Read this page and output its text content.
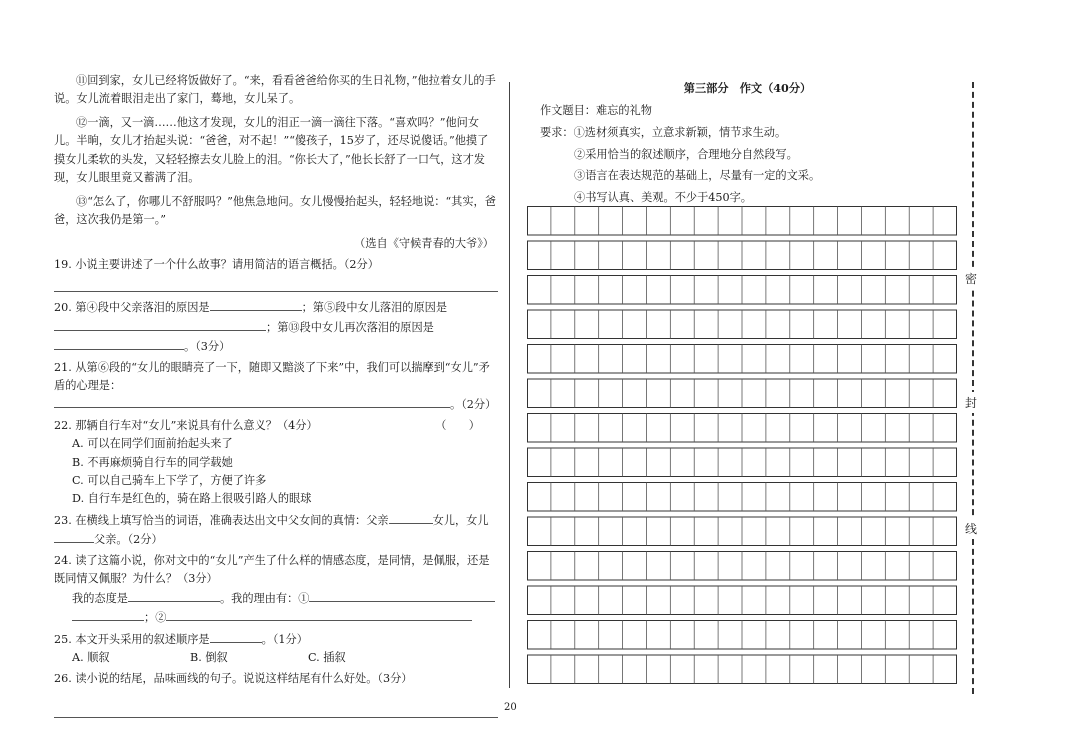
⑪回到家，女儿已经将饭做好了。“来，看看爸爸给你买的生日礼物，”他拉着女儿的手说。女儿流着眼泪走出了家门，蓦地，女儿呆了。

⑫一滴，又一滴……他这才发现，女儿的泪正一滴一滴往下落。“喜欢吗？”他问女儿。半晌，女儿才抬起头说：“爸爸，对不起！”“傻孩子，15岁了，还尽说傻话。”他摸了摸女儿柔软的头发，又轻轻擦去女儿脸上的泪。“你长大了，”他长长舒了一口气，这才发现，女儿眼里竟又蓄满了泪。

⑬“怎么了，你哪儿不舒服吗？”他焦急地问。女儿慢慢抬起头，轻轻地说：“其实，爸爸，这次我仍是第一。”

（选自《守候青春的大爷》）

19. 小说主要讲述了一个什么故事？请用简洁的语言概括。（2分）

20. 第④段中父亲落泪的原因是	；第⑤段中女儿落泪的原因是

；第⑬段中女儿再次落泪的原因是

。（3分）

21. 从第⑥段的“女儿的眼睛亮了一下，随即又黯淡了下来”中，我们可以揣摩到“女儿”矛盾的心理是：

。（2分）

22. 那辆自行车对“女儿”来说具有什么意义？（4分）	（　　）

A. 可以在同学们面前抬起头来了

B. 不再麻烦骑自行车的同学载她

C. 可以自己骑车上下学了，方便了许多

D. 自行车是红色的，骑在路上很吸引路人的眼球

23. 在横线上填写恰当的词语，准确表达出文中父女间的真情：父亲	女儿，女儿

父亲。（2分）

24. 读了这篇小说，你对文中的“女儿”产生了什么样的情感态度，是同情，是佩服，还是既同情又佩服？为什么？（3分）

我的态度是	。我的理由有：①

；②

25. 本文开头采用的叙述顺序是	。（1分）

A. 顺叙	B. 倒叙	C. 插叙

26. 读小说的结尾，品味画线的句子。说说这样结尾有什么好处。（3分）

第三部分　作文（40分）

作文题目：难忘的礼物

要求：①选材须真实，立意求新颖，情节求生动。

②采用恰当的叙述顺序，合理地分自然段写。

③语言在表达规范的基础上，尽量有一定的文采。

④书写认真、美观。不少于450字。

密
封
线
20
